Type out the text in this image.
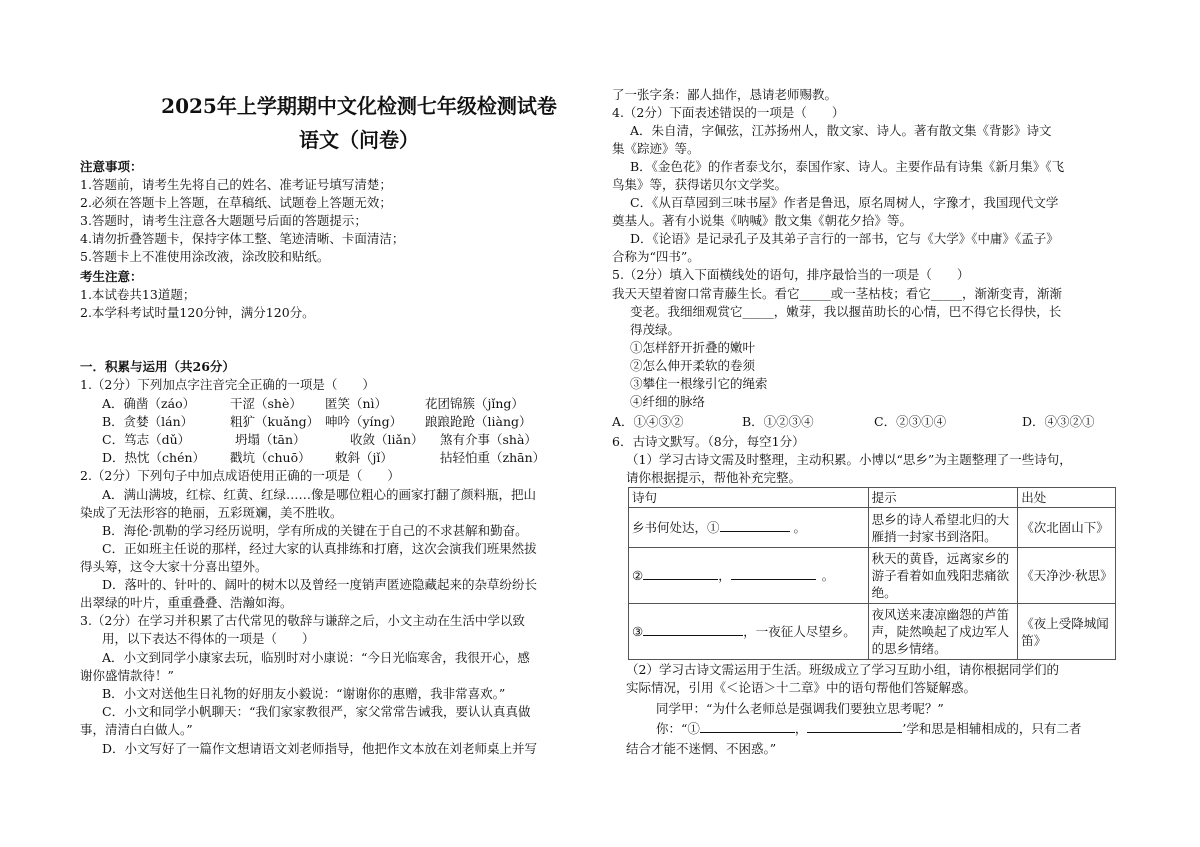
2025年上学期期中文化检测七年级检测试卷
语文（问卷）
注意事项：
1.答题前，请考生先将自己的姓名、准考证号填写清楚；
2.必须在答题卡上答题，在草稿纸、试题卷上答题无效；
3.答题时，请考生注意各大题题号后面的答题提示；
4.请勿折叠答题卡，保持字体工整、笔迹清晰、卡面清洁；
5.答题卡上不准使用涂改液，涂改胶和贴纸。
考生注意：
1.本试卷共13道题；
2.本学科考试时量120分钟，满分120分。
一．积累与运用（共26分）
1.（2分）下列加点字注音完全正确的一项是（　　）
A．确凿（záo）	干涩（shè） 匿笑（nì）	花团锦簇（jǐng）
B．贪婪（lán）	粗犷（kuǎng） 呻吟（yíng） 踉踉跄跄（liàng）
C．笃志（dǔ）	坍塌（tān）	收敛（liǎn） 煞有介事（shà）
D．热忱（chén） 戳坑（chuō） 敕斜（jǐ）	拈轻怕重（zhān）
2.（2分）下列句子中加点成语使用正确的一项是（　　）
A．满山满坡，红棕、红黄、红绿……像是哪位粗心的画家打翻了颜料瓶，把山
染成了无法形容的艳丽，五彩斑斓，美不胜收。
B．海伦·凯勒的学习经历说明，学有所成的关键在于自己的不求甚解和勤奋。
C．正如班主任说的那样，经过大家的认真排练和打磨，这次会演我们班果然拔
得头筹，这令大家十分喜出望外。
D．落叶的、针叶的、阔叶的树木以及曾经一度销声匿迹隐藏起来的杂草纷纷长
出翠绿的叶片，重重叠叠、浩瀚如海。
3.（2分）在学习并积累了古代常见的敬辞与谦辞之后，小文主动在生活中学以致
用，以下表达不得体的一项是（　　）
A．小文到同学小康家去玩，临别时对小康说：“今日光临寒舍，我很开心，感
谢你盛情款待！”
B．小文对送他生日礼物的好朋友小毅说：“谢谢你的惠赠，我非常喜欢。”
C．小文和同学小帆聊天：“我们家家教很严，家父常常告诫我，要认认真真做
事，清清白白做人。”
D．小文写好了一篇作文想请语文刘老师指导，他把作文本放在刘老师桌上并写
了一张字条：鄙人拙作，恳请老师赐教。
4.（2分）下面表述错误的一项是（　　）
A．朱自清，字佩弦，江苏扬州人，散文家、诗人。著有散文集《背影》诗文
集《踪迹》等。
B．《金色花》的作者泰戈尔，泰国作家、诗人。主要作品有诗集《新月集》《飞
鸟集》等，获得诺贝尔文学奖。
C．《从百草园到三味书屋》作者是鲁迅，原名周树人，字豫才，我国现代文学
奠基人。著有小说集《呐喊》散文集《朝花夕拾》等。
D．《论语》是记录孔子及其弟子言行的一部书，它与《大学》《中庸》《孟子》
合称为“四书”。
5.（2分）填入下面横线处的语句，排序最恰当的一项是（　　）
我天天望着窗口常青藤生长。看它_____或一茎枯枝；看它_____，渐渐变青，渐渐
变老。我细细观赏它_____，嫩芽，我以揠苗助长的心情，巴不得它长得快，长
得茂绿。
①怎样舒开折叠的嫩叶
②怎么伸开柔软的卷须
③攀住一根缘引它的绳索
④纤细的脉络
A．①④③②	B．①②③④	C．②③①④	D．④③②①
6．古诗文默写。（8分，每空1分）
（1）学习古诗文需及时整理，主动积累。小博以“思乡”为主题整理了一些诗句，
请你根据提示，帮他补充完整。
（2）学习古诗文需运用于生活。班级成立了学习互助小组，请你根据同学们的
实际情况，引用《＜论语＞十二章》中的语句帮他们答疑解惑。
同学甲：“为什么老师总是强调我们要独立思考呢？”
你：“①	，	’学和思是相辅相成的，只有二者
结合才能不迷惘、不困惑。”
诗句	提示	出处
乡书何处达，① 。	思乡的诗人希望北归的大雁捎一封家书到洛阳。	《次北固山下》
② ， 。	秋天的黄昏，远离家乡的游子看着如血残阳悲痛欲绝。	《天净沙·秋思》
③ ，一夜征人尽望乡。	夜风送来凄凉幽怨的芦笛声，陡然唤起了戍边军人的思乡情绪。	《夜上受降城闻笛》
